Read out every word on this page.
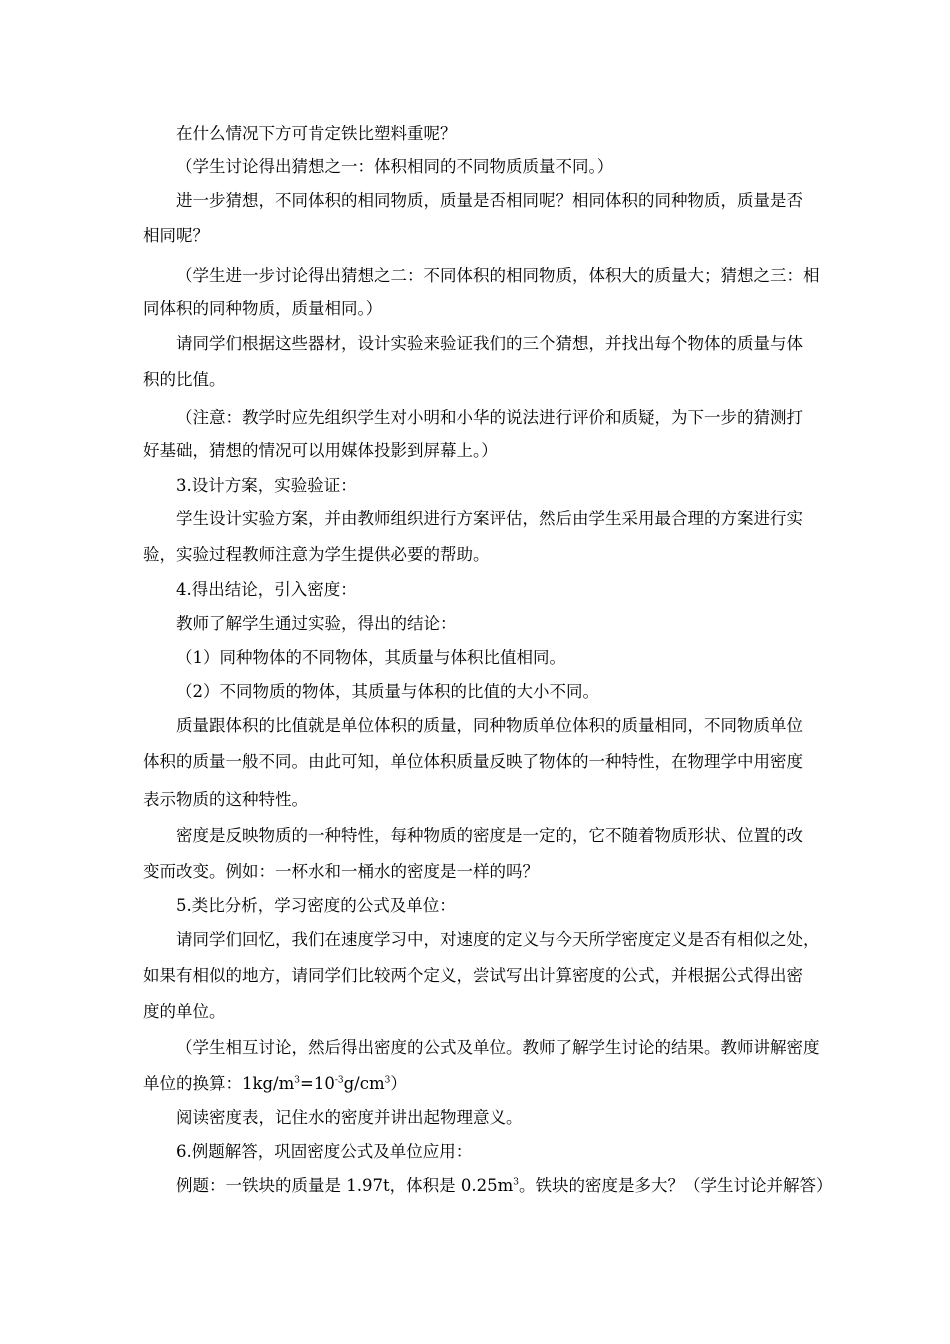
在什么情况下方可肯定铁比塑料重呢？
（学生讨论得出猜想之一：体积相同的不同物质质量不同。）
进一步猜想，不同体积的相同物质，质量是否相同呢？相同体积的同种物质，质量是否
相同呢？
（学生进一步讨论得出猜想之二：不同体积的相同物质，体积大的质量大；猜想之三：相
同体积的同种物质，质量相同。）
请同学们根据这些器材，设计实验来验证我们的三个猜想，并找出每个物体的质量与体
积的比值。
（注意：教学时应先组织学生对小明和小华的说法进行评价和质疑，为下一步的猜测打
好基础，猜想的情况可以用媒体投影到屏幕上。）
3.设计方案，实验验证：
学生设计实验方案，并由教师组织进行方案评估，然后由学生采用最合理的方案进行实
验，实验过程教师注意为学生提供必要的帮助。
4.得出结论，引入密度：
教师了解学生通过实验，得出的结论：
（1）同种物体的不同物体，其质量与体积比值相同。
（2）不同物质的物体，其质量与体积的比值的大小不同。
质量跟体积的比值就是单位体积的质量，同种物质单位体积的质量相同，不同物质单位
体积的质量一般不同。由此可知，单位体积质量反映了物体的一种特性，在物理学中用密度
表示物质的这种特性。
密度是反映物质的一种特性，每种物质的密度是一定的，它不随着物质形状、位置的改
变而改变。例如：一杯水和一桶水的密度是一样的吗？
5.类比分析，学习密度的公式及单位：
请同学们回忆，我们在速度学习中，对速度的定义与今天所学密度定义是否有相似之处，
如果有相似的地方，请同学们比较两个定义，尝试写出计算密度的公式，并根据公式得出密
度的单位。
（学生相互讨论，然后得出密度的公式及单位。教师了解学生讨论的结果。教师讲解密度
单位的换算：$1kg/m^3=10^{-3}g/cm^3$）
阅读密度表，记住水的密度并讲出起物理意义。
6.例题解答，巩固密度公式及单位应用：
例题：一铁块的质量是 1.97t，体积是 $0.25m^3$。铁块的密度是多大？（学生讨论并解答）
